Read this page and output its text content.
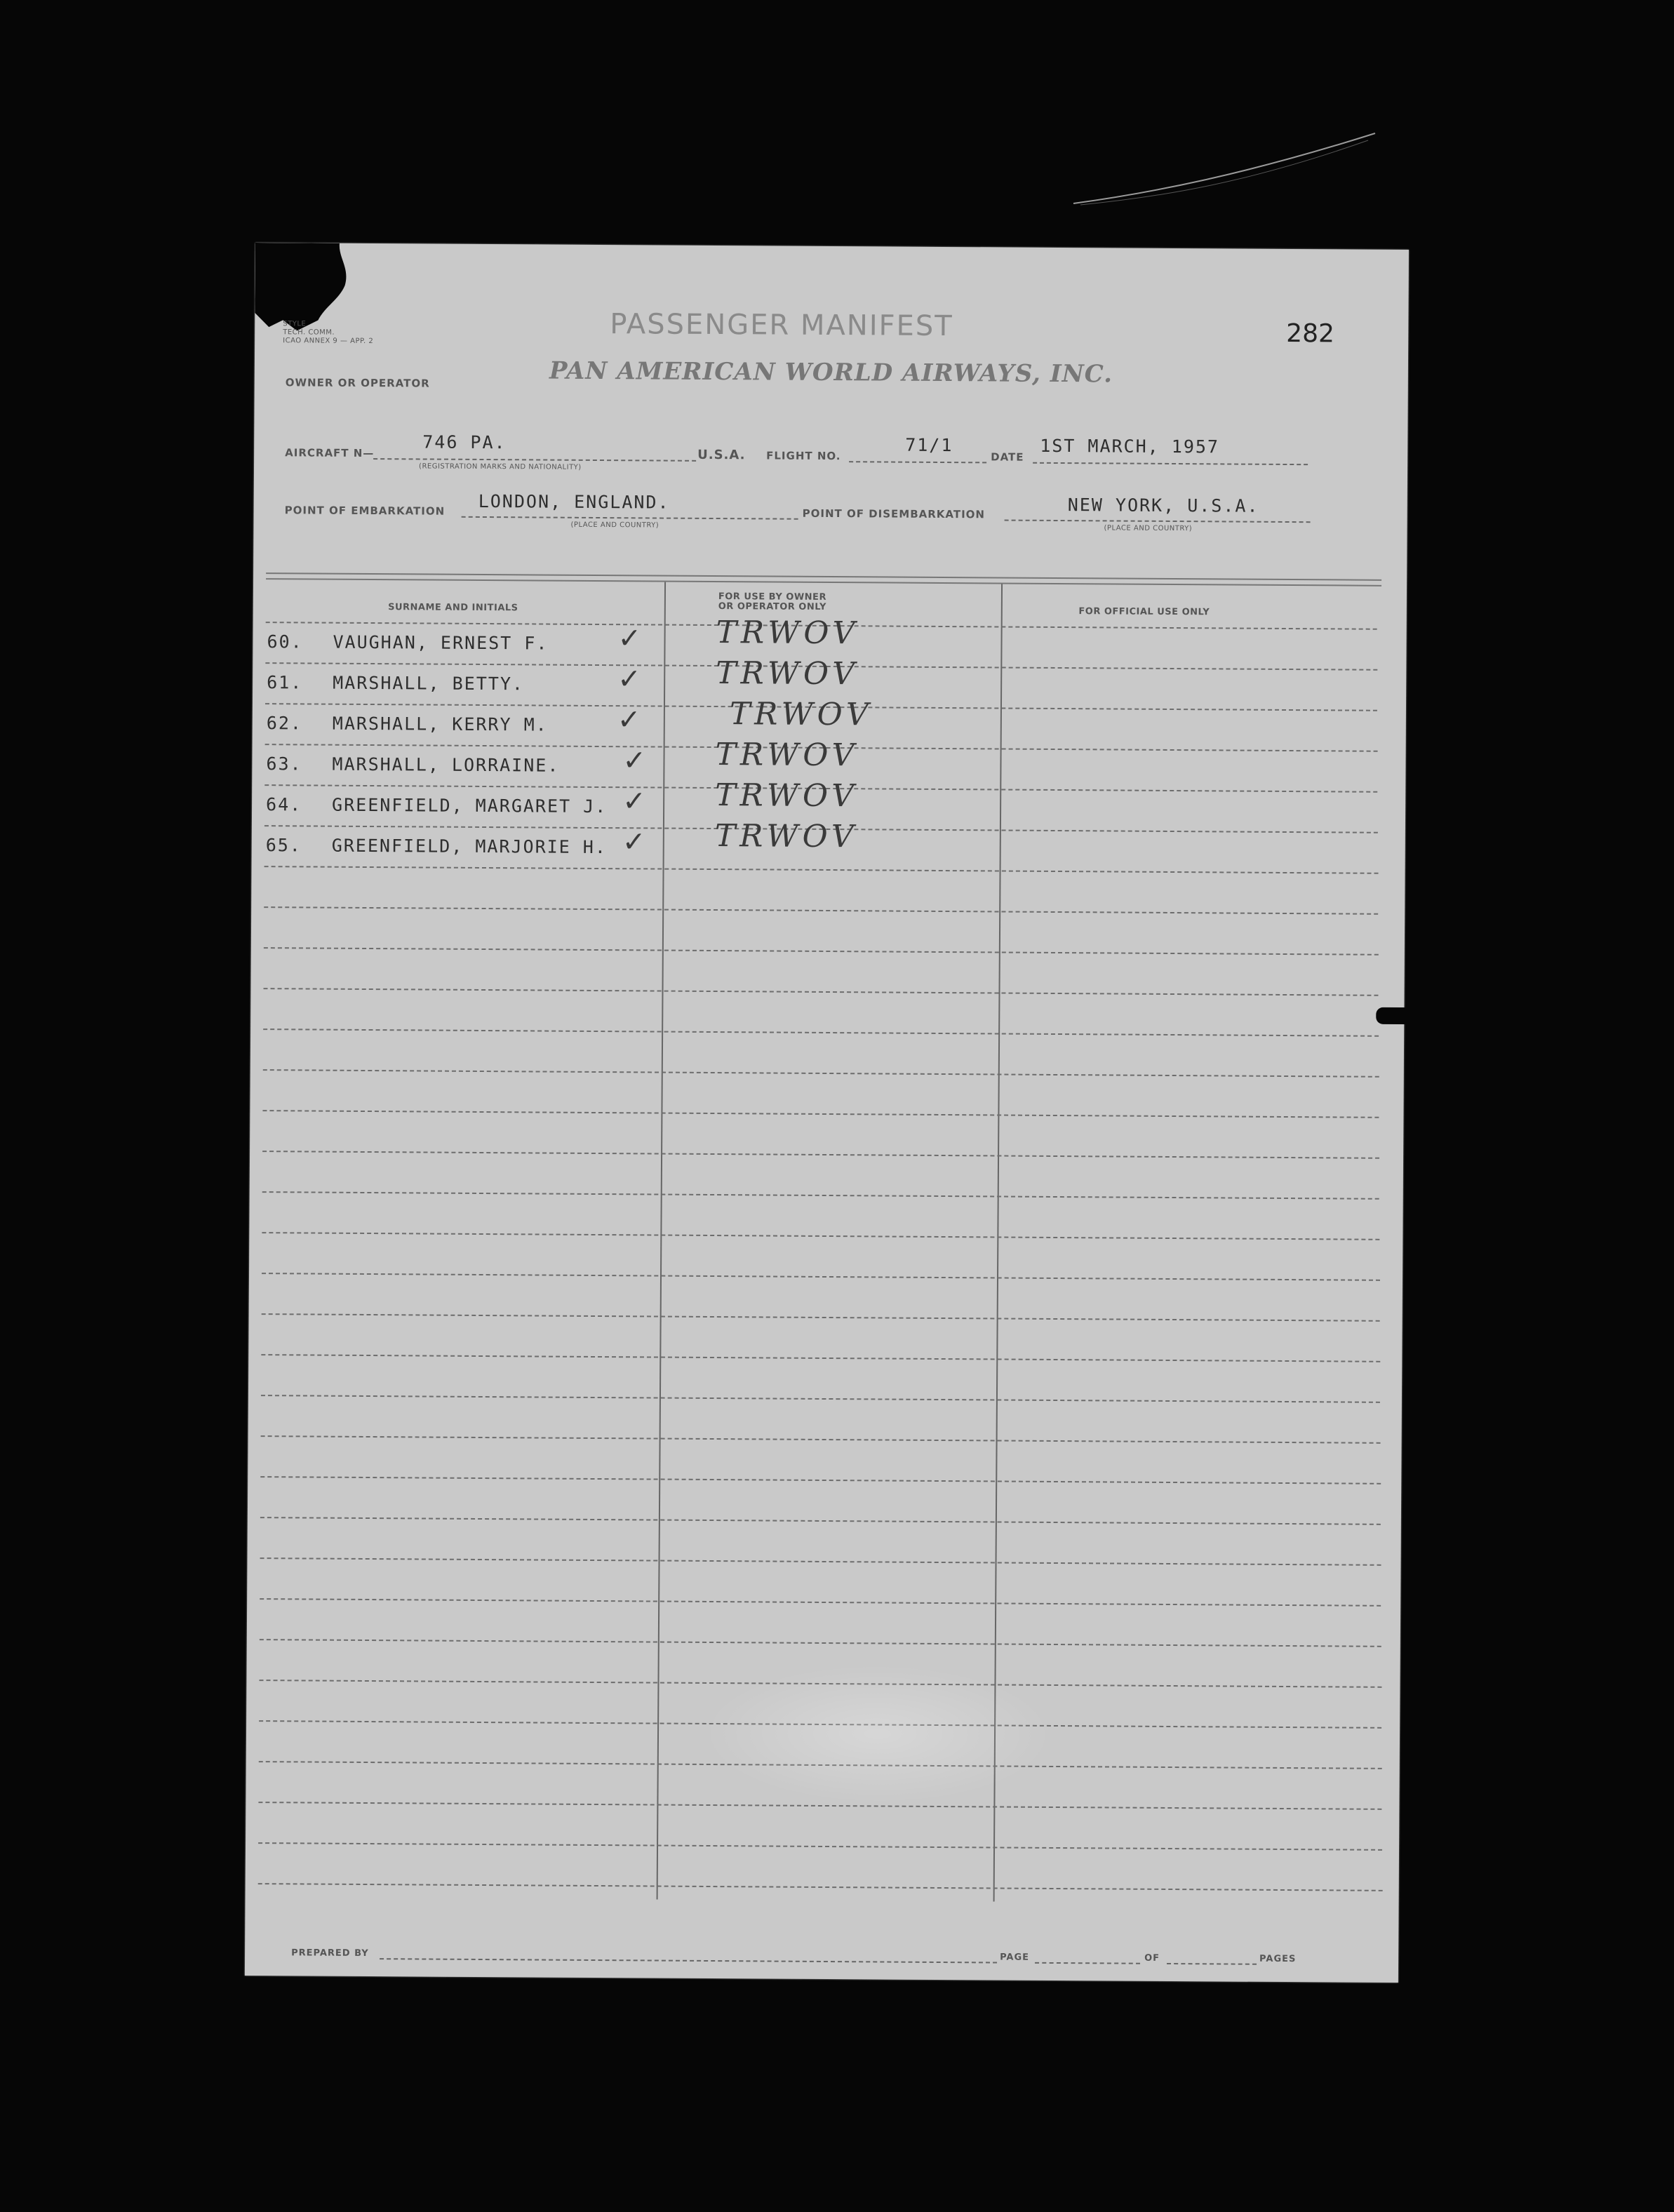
STYLE
TECH. COMM.
ICAO ANNEX 9 — APP. 2	PASSENGER MANIFEST	282
OWNER OR OPERATOR	PAN AMERICAN WORLD AIRWAYS, INC.
AIRCRAFT N—
746 PA.
(REGISTRATION MARKS AND NATIONALITY)
U.S.A. FLIGHT NO.
71/1
DATE
1ST MARCH, 1957
POINT OF EMBARKATION LONDON, ENGLAND.
(PLACE AND COUNTRY)
POINT OF DISEMBARKATION	NEW YORK, U.S.A.
(PLACE AND COUNTRY)
SURNAME AND INITIALS
FOR USE BY OWNER
OR OPERATOR ONLY	FOR OFFICIAL USE ONLY
60. VAUGHAN, ERNEST F. ✓ TRWOV
61. MARSHALL, BETTY.	✓ TRWOV
62. MARSHALL, KERRY M. ✓	TRWOV
63. MARSHALL, LORRAINE. ✓ TRWOV
64. GREENFIELD, MARGARET J. ✓ TRWOV
65. GREENFIELD, MARJORIE H. ✓ TRWOV
PREPARED BY	PAGE	OF	PAGES
